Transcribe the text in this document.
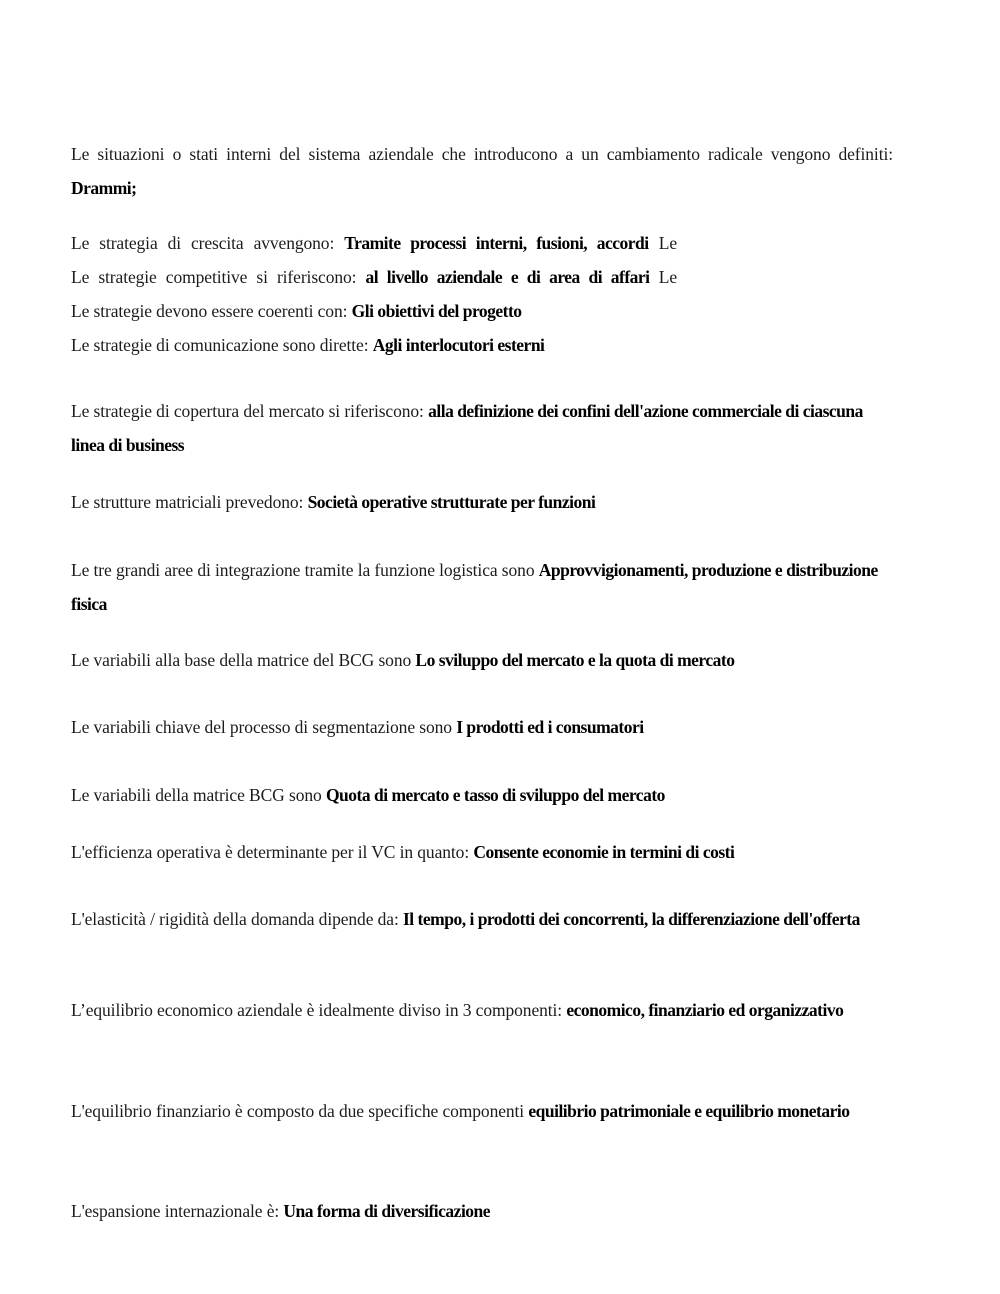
Le situazioni o stati interni del sistema aziendale che introducono a un cambiamento radicale vengono definiti: Drammi;

Le strategia di crescita avvengono: Tramite processi interni, fusioni, accordi Le
Le strategie competitive si riferiscono: al livello aziendale e di area di affari Le
Le strategie devono essere coerenti con: Gli obiettivi del progetto
Le strategie di comunicazione sono dirette: Agli interlocutori esterni

Le strategie di copertura del mercato si riferiscono: alla definizione dei confini dell'azione commerciale di ciascuna linea di business

Le strutture matriciali prevedono: Società operative strutturate per funzioni

Le tre grandi aree di integrazione tramite la funzione logistica sono Approvvigionamenti, produzione e distribuzione fisica

Le variabili alla base della matrice del BCG sono Lo sviluppo del mercato e la quota di mercato

Le variabili chiave del processo di segmentazione sono I prodotti ed i consumatori

Le variabili della matrice BCG sono Quota di mercato e tasso di sviluppo del mercato

L'efficienza operativa è determinante per il VC in quanto: Consente economie in termini di costi

L'elasticità / rigidità della domanda dipende da: Il tempo, i prodotti dei concorrenti, la differenziazione dell'offerta

L’equilibrio economico aziendale è idealmente diviso in 3 componenti: economico, finanziario ed organizzativo

L'equilibrio finanziario è composto da due specifiche componenti equilibrio patrimoniale e equilibrio monetario

L'espansione internazionale è: Una forma di diversificazione
